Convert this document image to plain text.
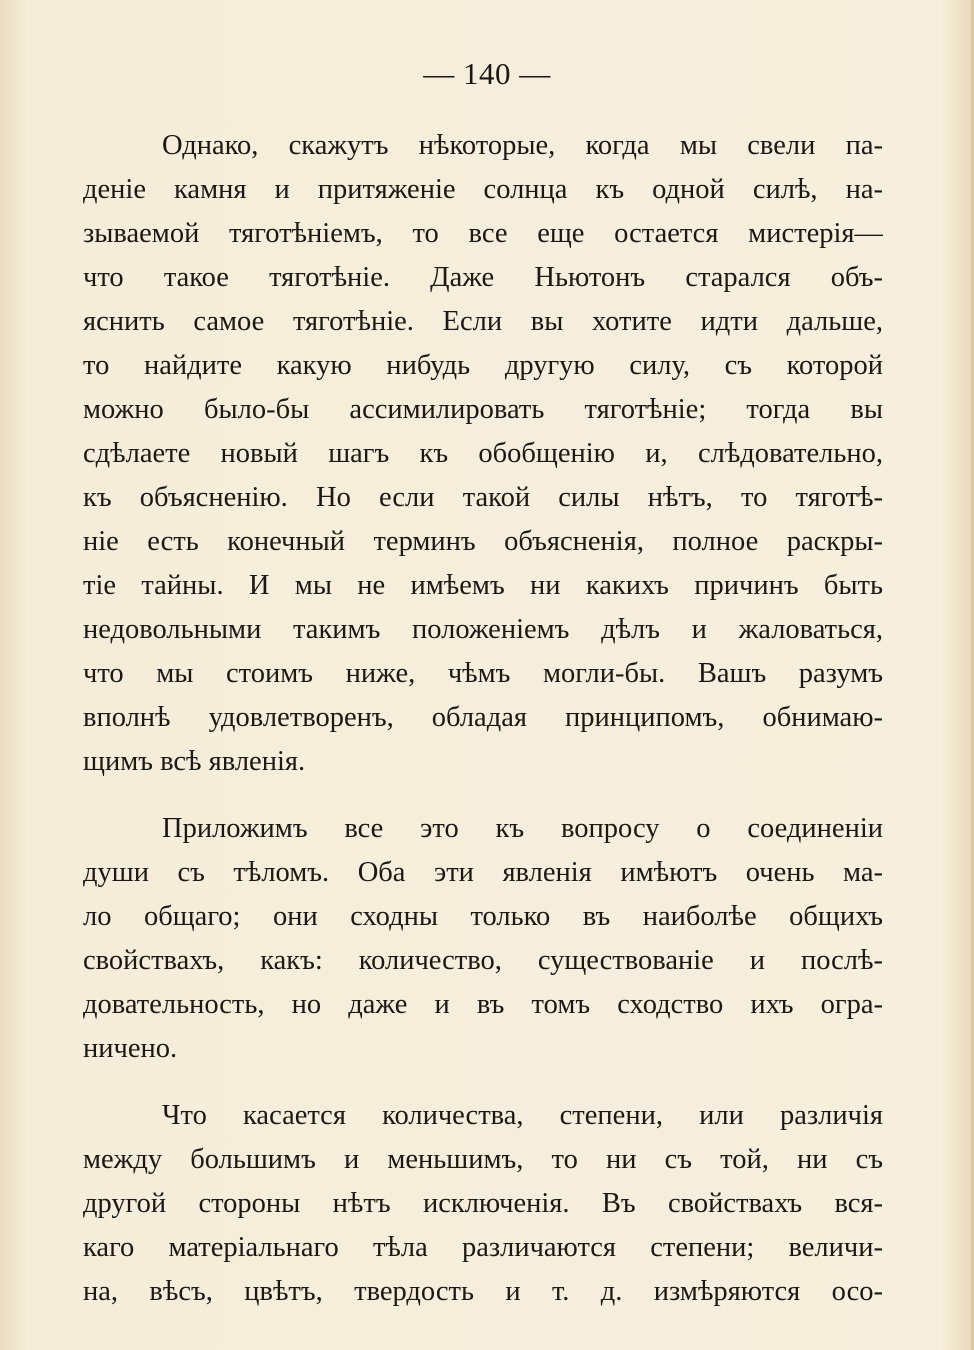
— 140 —
Однако, скажутъ нѣкоторые, когда мы свели па-
деніе камня и притяженіе солнца къ одной силѣ, на-
зываемой тяготѣніемъ, то все еще остается мистерія—
что такое тяготѣніе. Даже Ньютонъ старался объ-
яснить самое тяготѣніе. Если вы хотите идти дальше,
то найдите какую нибудь другую силу, съ которой
можно было-бы ассимилировать тяготѣніе; тогда вы
сдѣлаете новый шагъ къ обобщенію и, слѣдовательно,
къ объясненію. Но если такой силы нѣтъ, то тяготѣ-
ніе есть конечный терминъ объясненія, полное раскры-
тіе тайны. И мы не имѣемъ ни какихъ причинъ быть
недовольными такимъ положеніемъ дѣлъ и жаловаться,
что мы стоимъ ниже, чѣмъ могли-бы. Вашъ разумъ
вполнѣ удовлетворенъ, обладая принципомъ, обнимаю-
щимъ всѣ явленія.
Приложимъ все это къ вопросу о соединеніи
души съ тѣломъ. Оба эти явленія имѣютъ очень ма-
ло общаго; они сходны только въ наиболѣе общихъ
свойствахъ, какъ: количество, существованіе и послѣ-
довательность, но даже и въ томъ сходство ихъ огра-
ничено.
Что касается количества, степени, или различія
между большимъ и меньшимъ, то ни съ той, ни съ
другой стороны нѣтъ исключенія. Въ свойствахъ вся-
каго матеріальнаго тѣла различаются степени; величи-
на, вѣсъ, цвѣтъ, твердость и т. д. измѣряются осо-
